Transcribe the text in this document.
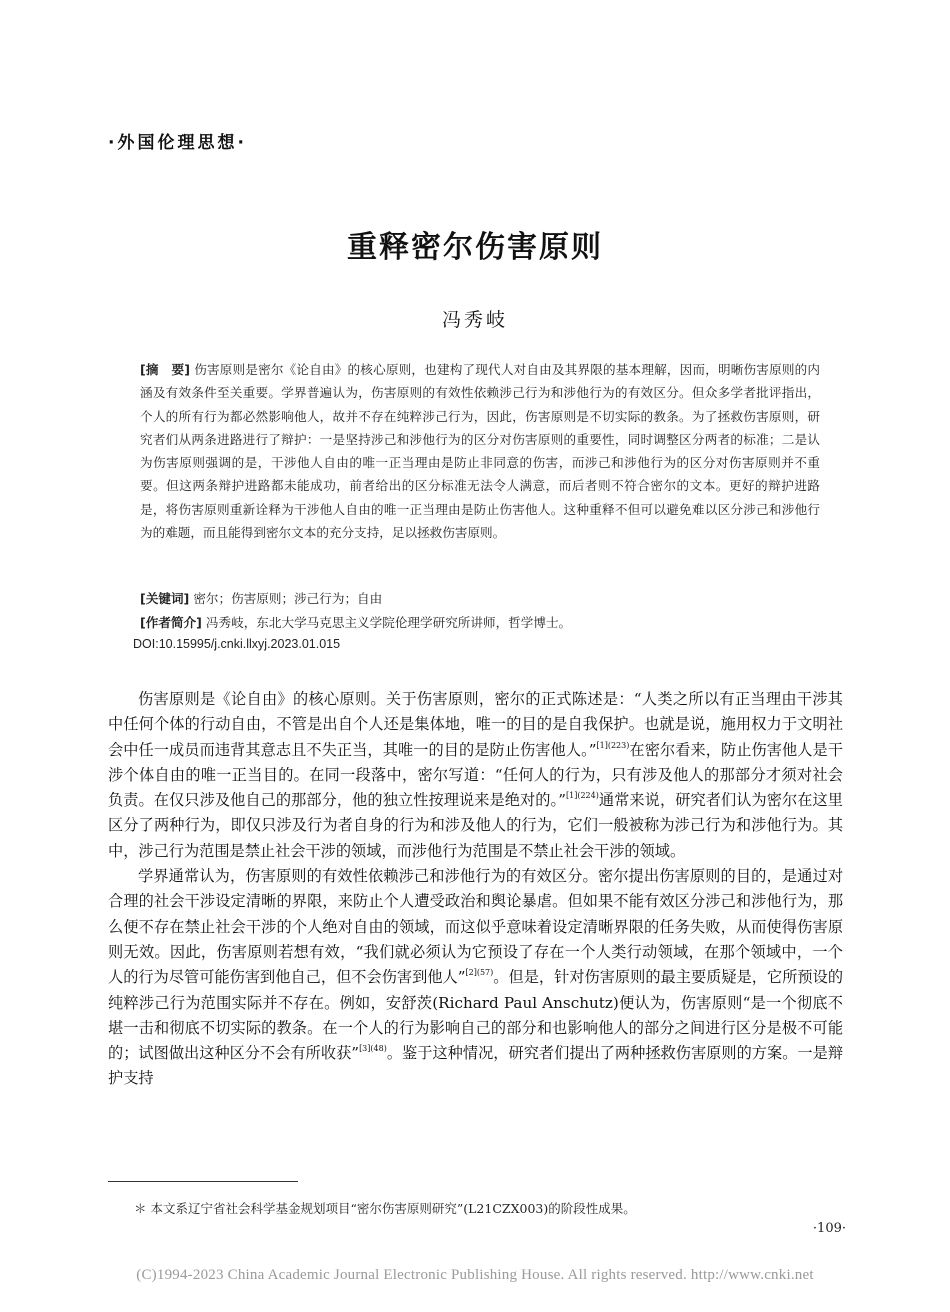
·外国伦理思想·
重释密尔伤害原则
冯秀岐
[摘　要] 伤害原则是密尔《论自由》的核心原则，也建构了现代人对自由及其界限的基本理解，因而，明晰伤害原则的内涵及有效条件至关重要。学界普遍认为，伤害原则的有效性依赖涉己行为和涉他行为的有效区分。但众多学者批评指出，个人的所有行为都必然影响他人，故并不存在纯粹涉己行为，因此，伤害原则是不切实际的教条。为了拯救伤害原则，研究者们从两条进路进行了辩护：一是坚持涉己和涉他行为的区分对伤害原则的重要性，同时调整区分两者的标准；二是认为伤害原则强调的是，干涉他人自由的唯一正当理由是防止非同意的伤害，而涉己和涉他行为的区分对伤害原则并不重要。但这两条辩护进路都未能成功，前者给出的区分标准无法令人满意，而后者则不符合密尔的文本。更好的辩护进路是，将伤害原则重新诠释为干涉他人自由的唯一正当理由是防止伤害他人。这种重释不但可以避免难以区分涉己和涉他行为的难题，而且能得到密尔文本的充分支持，足以拯救伤害原则。
[关键词] 密尔；伤害原则；涉己行为；自由
[作者简介] 冯秀岐，东北大学马克思主义学院伦理学研究所讲师，哲学博士。
DOI:10.15995/j.cnki.llxyj.2023.01.015

伤害原则是《论自由》的核心原则。关于伤害原则，密尔的正式陈述是：“人类之所以有正当理由干涉其中任何个体的行动自由，不管是出自个人还是集体地，唯一的目的是自我保护。也就是说，施用权力于文明社会中任一成员而违背其意志且不失正当，其唯一的目的是防止伤害他人。”$^{[1](223)}$在密尔看来，防止伤害他人是干涉个体自由的唯一正当目的。在同一段落中，密尔写道：“任何人的行为，只有涉及他人的那部分才须对社会负责。在仅只涉及他自己的那部分，他的独立性按理说来是绝对的。”$^{[1](224)}$通常来说，研究者们认为密尔在这里区分了两种行为，即仅只涉及行为者自身的行为和涉及他人的行为，它们一般被称为涉己行为和涉他行为。其中，涉己行为范围是禁止社会干涉的领域，而涉他行为范围是不禁止社会干涉的领域。

学界通常认为，伤害原则的有效性依赖涉己和涉他行为的有效区分。密尔提出伤害原则的目的，是通过对合理的社会干涉设定清晰的界限，来防止个人遭受政治和舆论暴虐。但如果不能有效区分涉己和涉他行为，那么便不存在禁止社会干涉的个人绝对自由的领域，而这似乎意味着设定清晰界限的任务失败，从而使得伤害原则无效。因此，伤害原则若想有效，“我们就必须认为它预设了存在一个人类行动领域，在那个领域中，一个人的行为尽管可能伤害到他自己，但不会伤害到他人”$^{[2](57)}$。但是，针对伤害原则的最主要质疑是，它所预设的纯粹涉己行为范围实际并不存在。例如，安舒茨(Richard Paul Anschutz)便认为，伤害原则“是一个彻底不堪一击和彻底不切实际的教条。在一个人的行为影响自己的部分和也影响他人的部分之间进行区分是极不可能的；试图做出这种区分不会有所收获”$^{[3](48)}$。鉴于这种情况，研究者们提出了两种拯救伤害原则的方案。一是辩护支持

＊ 本文系辽宁省社会科学基金规划项目“密尔伤害原则研究”(L21CZX003)的阶段性成果。
·109·
(C)1994-2023 China Academic Journal Electronic Publishing House. All rights reserved. http://www.cnki.net
